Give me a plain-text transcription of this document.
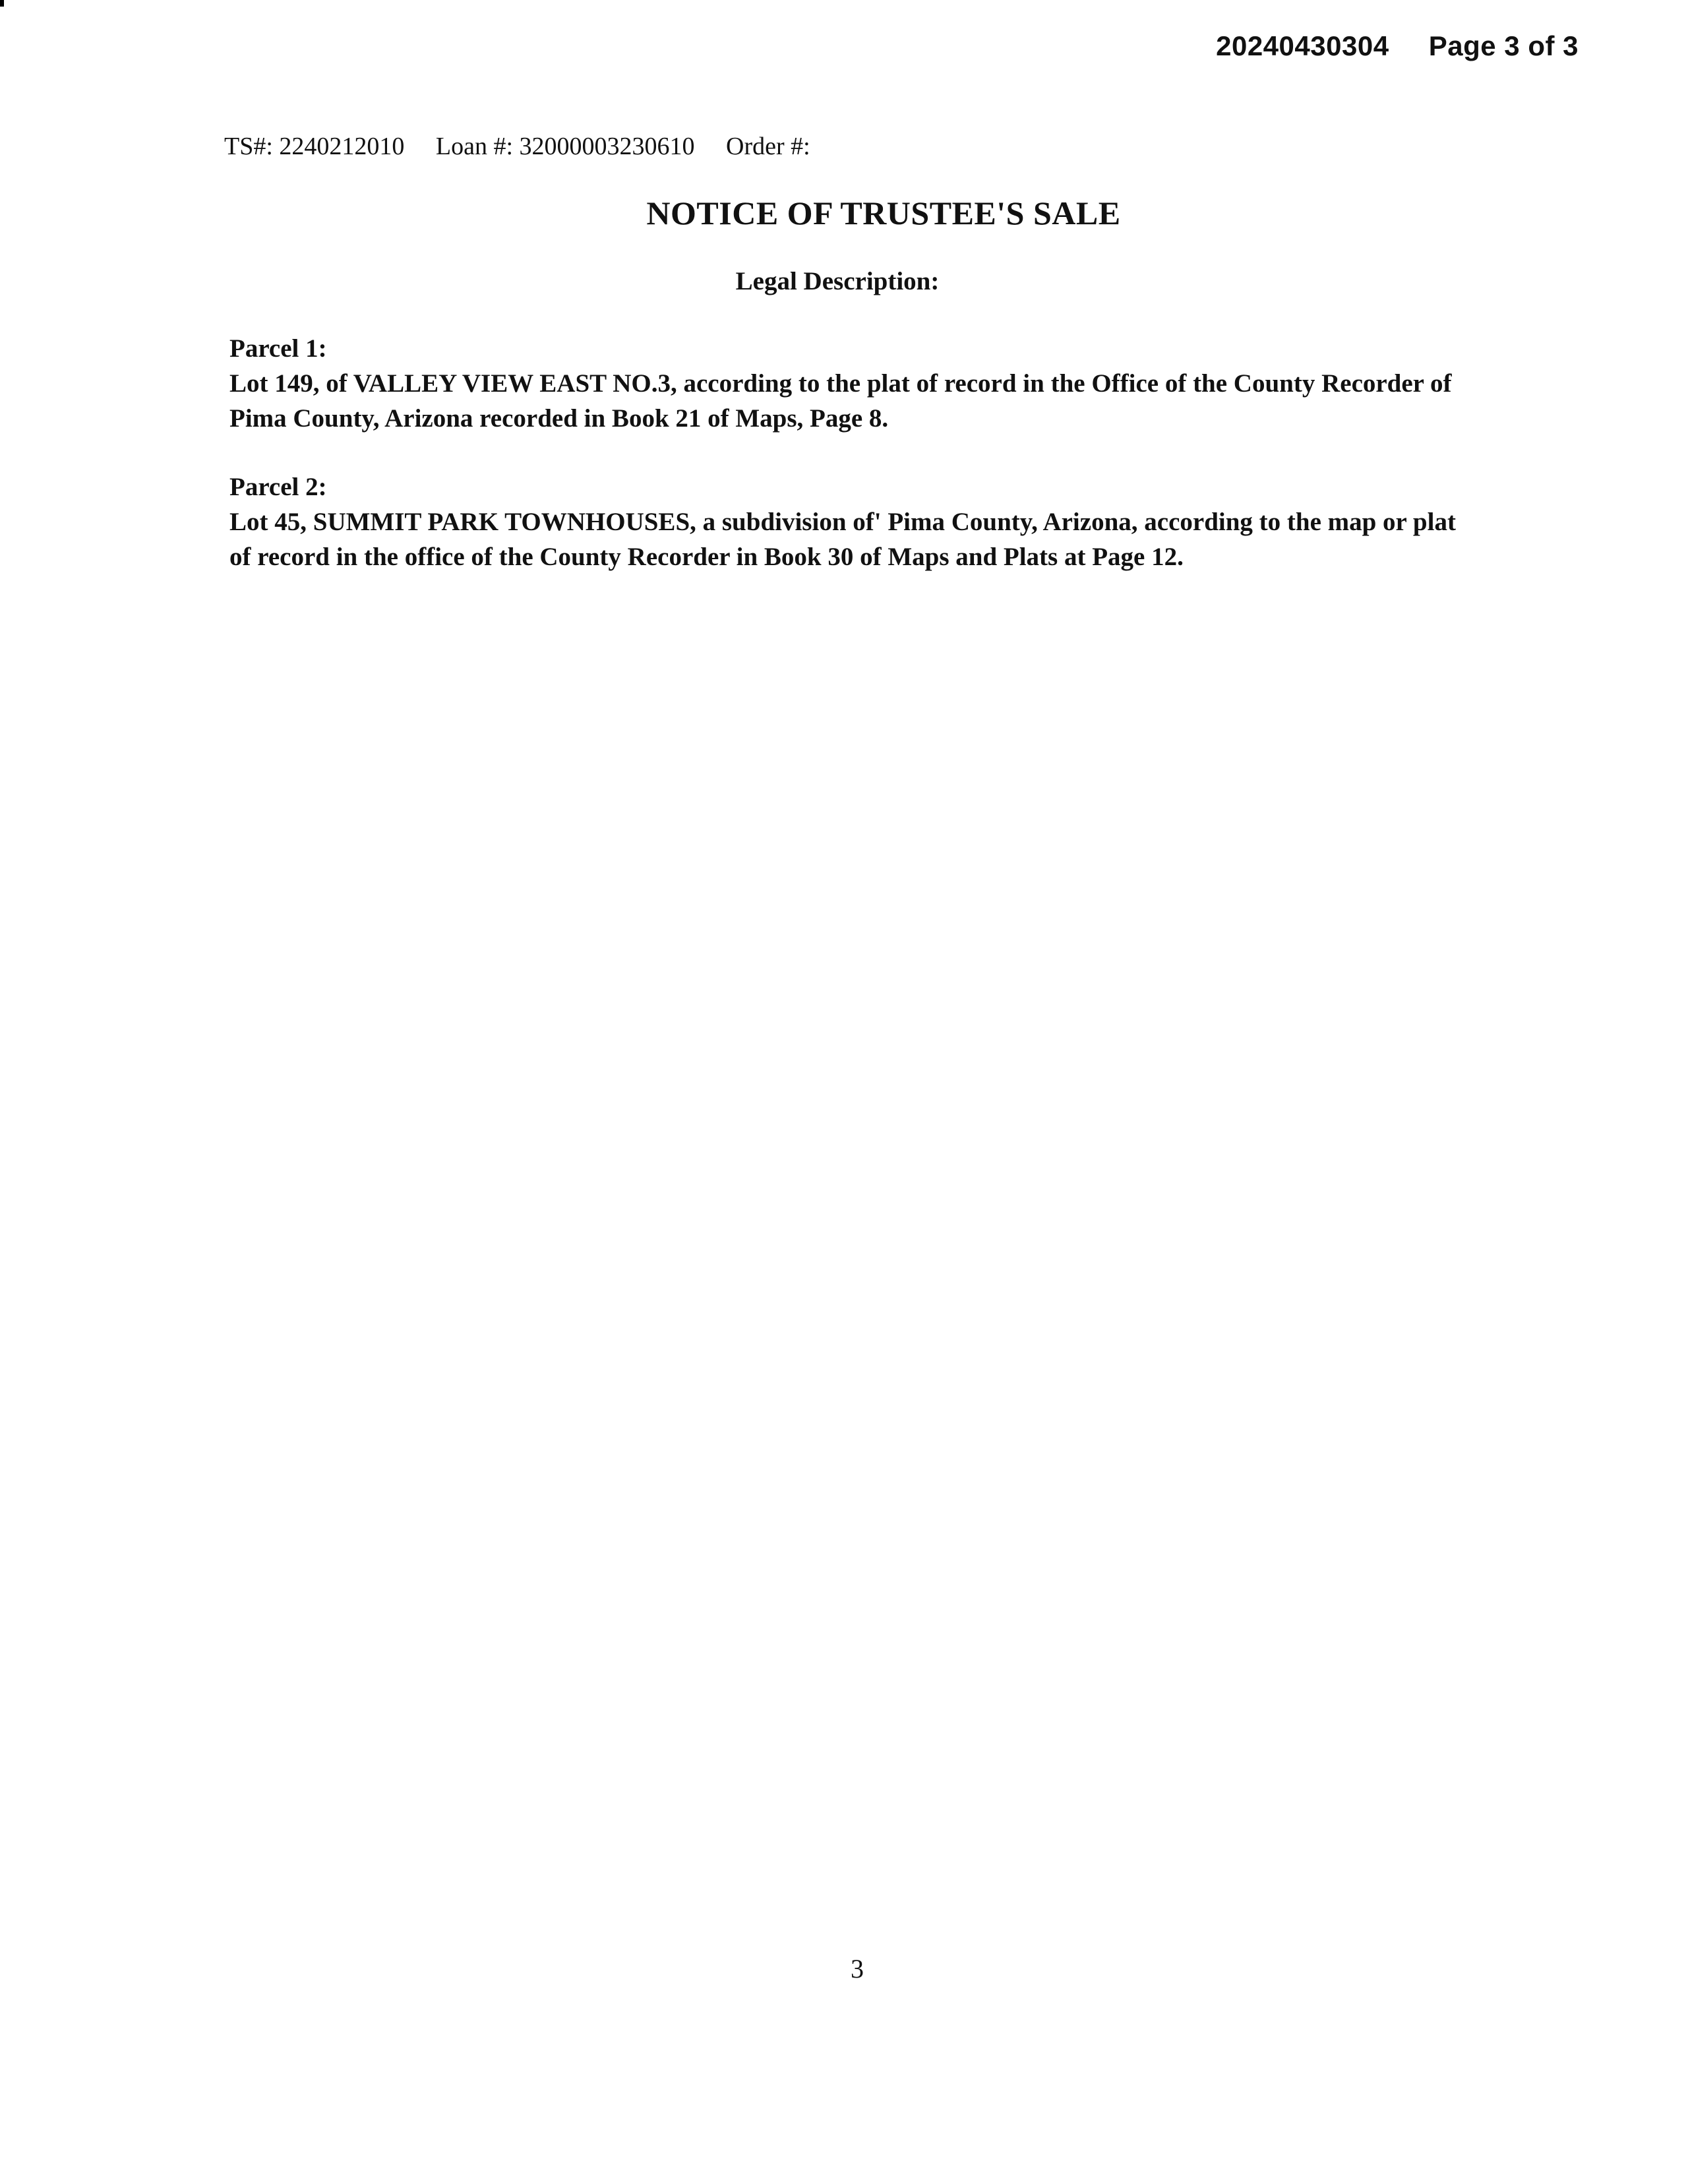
20240430304 Page 3 of 3
TS#: 2240212010 Loan #: 32000003230610 Order #:
NOTICE OF TRUSTEE'S SALE
Legal Description:
Parcel 1:
Lot 149, of VALLEY VIEW EAST NO.3, according to the plat of record in the Office of the County Recorder of Pima County, Arizona recorded in Book 21 of Maps, Page 8.
Parcel 2:
Lot 45, SUMMIT PARK TOWNHOUSES, a subdivision of' Pima County, Arizona, according to the map or plat of record in the office of the County Recorder in Book 30 of Maps and Plats at Page 12.
3
